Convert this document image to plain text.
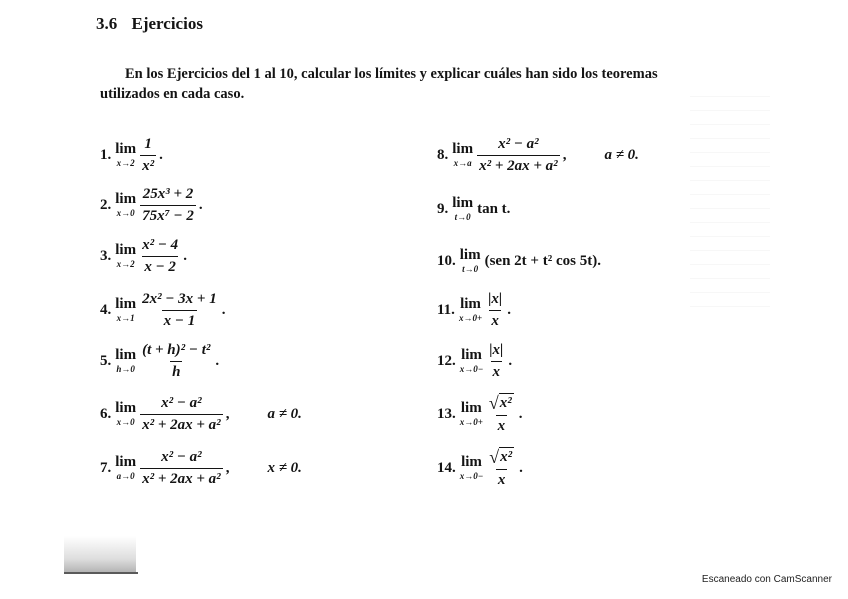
3.6 Ejercicios
En los Ejercicios del 1 al 10, calcular los límites y explicar cuáles han sido los teoremas
utilizados en cada caso.
1. lim
$x\to 2 \frac{1}{\text{x²}}$ .
2. lim
$x\to 0 \frac{\text{25x³ + 2}}{\text{75x⁷ − 2}}$ .
3. lim
$x\to 2 \frac{\text{x² − 4}}{x - 2}$ .
4. lim
$x\to 1 \frac{\text{2x² − 3x + 1}}{x - 1}$ .
5. lim
$h\to 0 \frac{\text{(t + h)² − t²}}{h}$ .
6. lim
$x\to 0 \frac{\text{x² − a²}}{\text{x² + 2ax + a²}}$ ,	a ≠ 0.
7. lim
$a\to 0 \frac{\text{x² − a²}}{\text{x² + 2ax + a²}}$ ,	x ≠ 0.
8. lim
$x\to a \frac{\text{x² − a²}}{\text{x² + 2ax + a²}}$ ,	a ≠ 0.
9. lim
t→0
tan t.
10. lim
t→0
(sen 2t + t² cos 5t).
11. lim
$x\to 0+ \frac{|x|}{x}$ .
12. lim
$x\to 0- \frac{|x|}{x}$ .
13. lim
$x\to 0+ \frac{\text{√ x²}}{x}$ .
14. lim
$x\to 0- \frac{\text{√ x²}}{x}$ .
Escaneado con CamScanner
